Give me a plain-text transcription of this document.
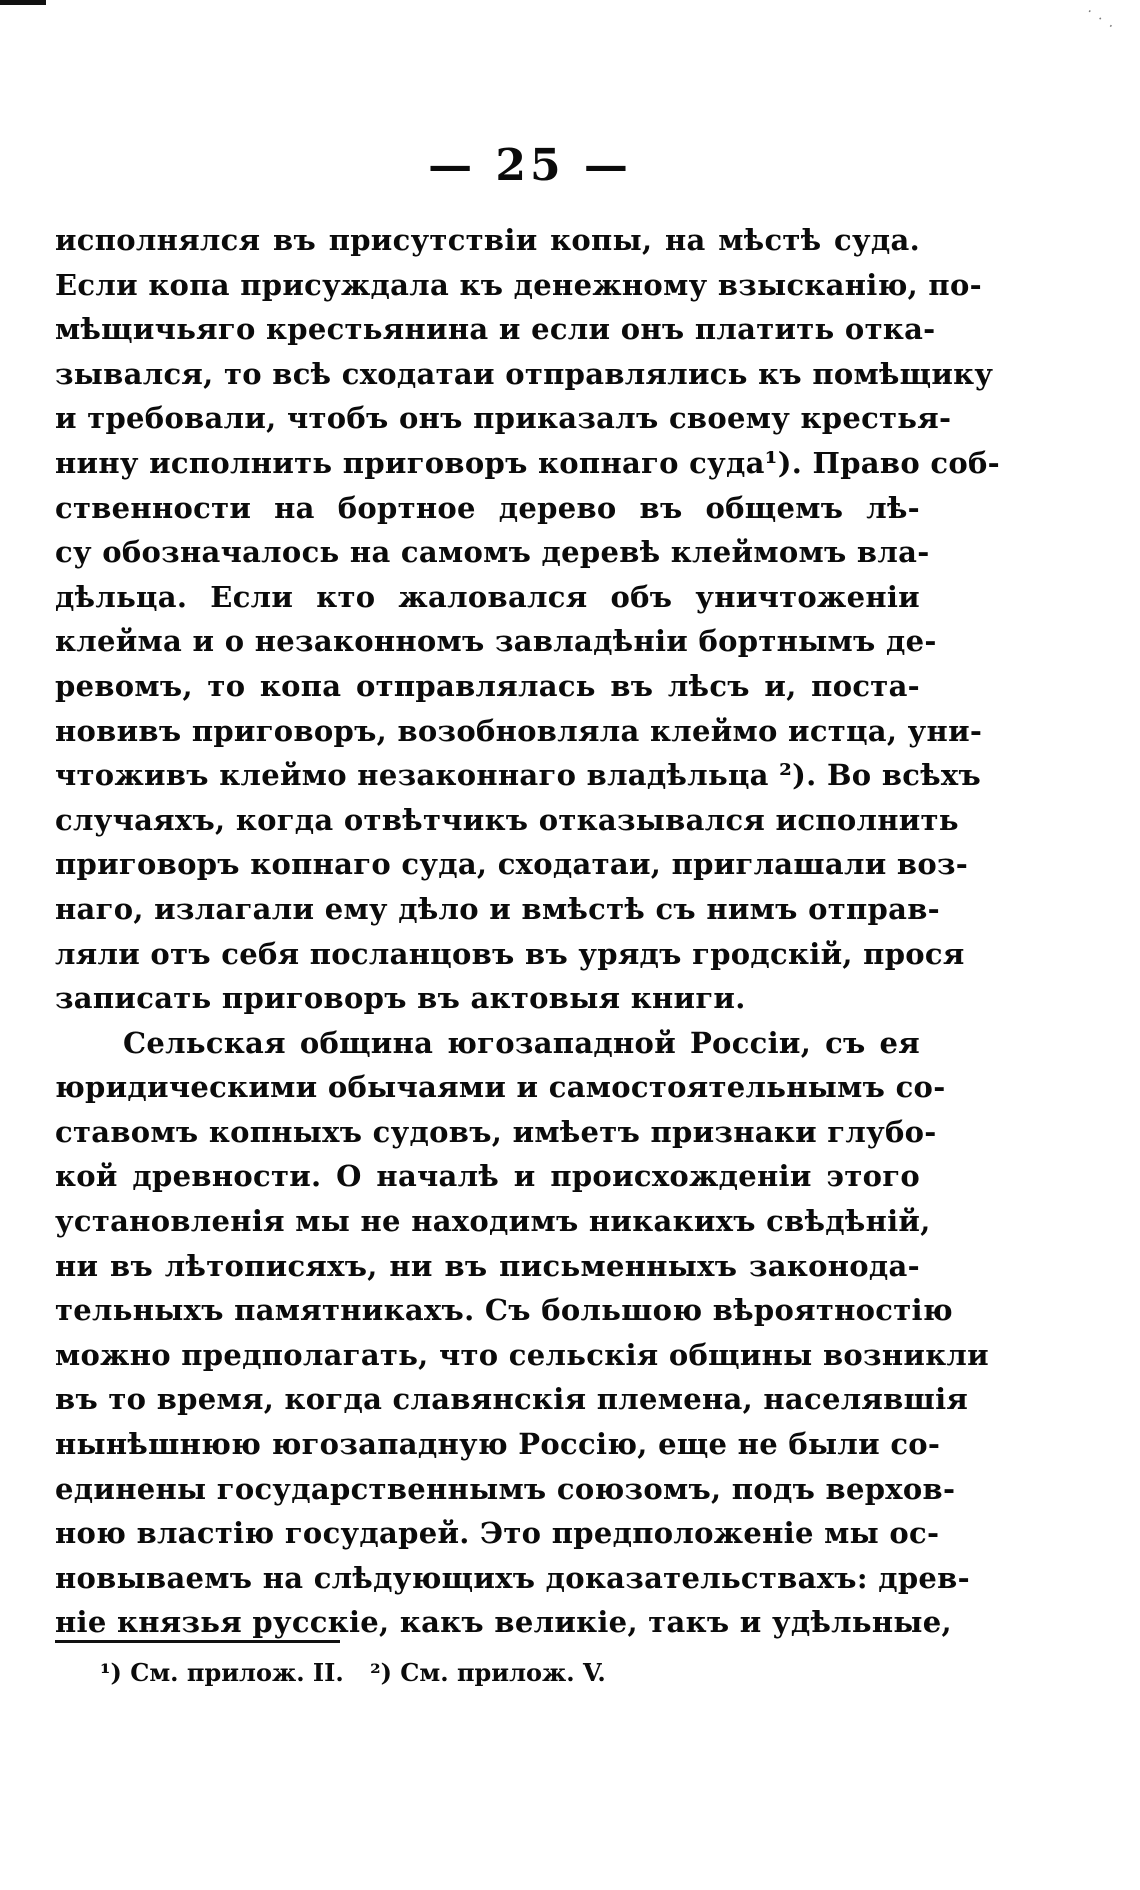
· · ·
— 25 —
исполнялся въ присутствіи копы, на мѣстѣ суда.
Если копа присуждала къ денежному взысканію, по-
мѣщичьяго крестьянина и если онъ платить отка-
зывался, то всѣ сходатаи отправлялись къ помѣщику
и требовали, чтобъ онъ приказалъ своему крестья-
нину исполнить приговоръ копнаго суда¹). Право соб-
ственности на бортное дерево въ общемъ лѣ-
су обозначалось на самомъ деревѣ клеймомъ вла-
дѣльца. Если кто жаловался объ уничтоженіи
клейма и о незаконномъ завладѣніи бортнымъ де-
ревомъ, то копа отправлялась въ лѣсъ и, поста-
новивъ приговоръ, возобновляла клеймо истца, уни-
чтоживъ клеймо незаконнаго владѣльца ²). Во всѣхъ
случаяхъ, когда отвѣтчикъ отказывался исполнить
приговоръ копнаго суда, сходатаи, приглашали воз-
наго, излагали ему дѣло и вмѣстѣ съ нимъ отправ-
ляли отъ себя посланцовъ въ урядъ гродскій, прося
записать приговоръ въ актовыя книги.
Сельская община югозападной Россіи, съ ея
юридическими обычаями и самостоятельнымъ со-
ставомъ копныхъ судовъ, имѣетъ признаки глубо-
кой древности. О началѣ и происхожденіи этого
установленія мы не находимъ никакихъ свѣдѣній,
ни въ лѣтописяхъ, ни въ письменныхъ законода-
тельныхъ памятникахъ. Съ большою вѣроятностію
можно предполагать, что сельскія общины возникли
въ то время, когда славянскія племена, населявшія
нынѣшнюю югозападную Россію, еще не были со-
единены государственнымъ союзомъ, подъ верхов-
ною властію государей. Это предположеніе мы ос-
новываемъ на слѣдующихъ доказательствахъ: древ-
ніе князья русскіе, какъ великіе, такъ и удѣльные,
¹) См. прилож. II. ²) См. прилож. V.
